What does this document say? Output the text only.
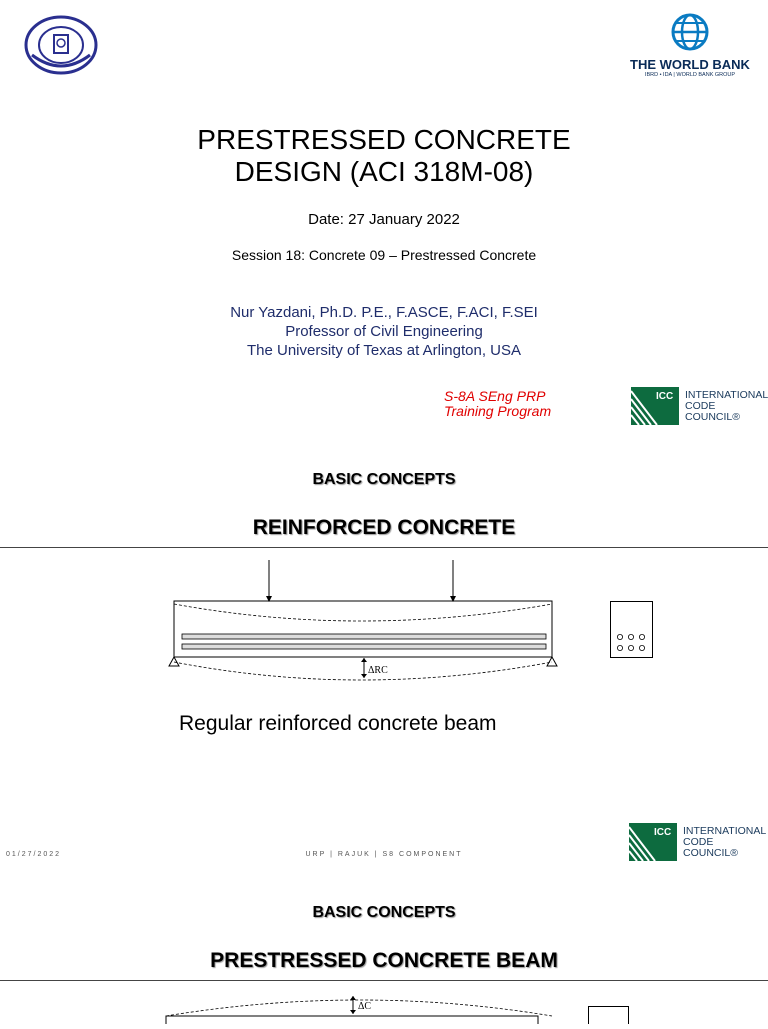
THE WORLD BANK
IBRD • IDA | WORLD BANK GROUP
PRESTRESSED CONCRETE
DESIGN (ACI 318M-08)
Date: 27 January 2022
Session 18: Concrete 09 – Prestressed Concrete
Nur Yazdani, Ph.D. P.E., F.ASCE, F.ACI, F.SEI
Professor of Civil Engineering
The University of Texas at Arlington, USA
S-8A SEng PRP
Training Program
ICC INTERNATIONAL
CODE
COUNCIL®
BASIC CONCEPTS
REINFORCED CONCRETE
ΔRC
Regular reinforced concrete beam
01/27/2022	URP | RAJUK | S8 COMPONENT
ICC INTERNATIONAL
CODE
COUNCIL®
BASIC CONCEPTS
PRESTRESSED CONCRETE BEAM
ΔC
